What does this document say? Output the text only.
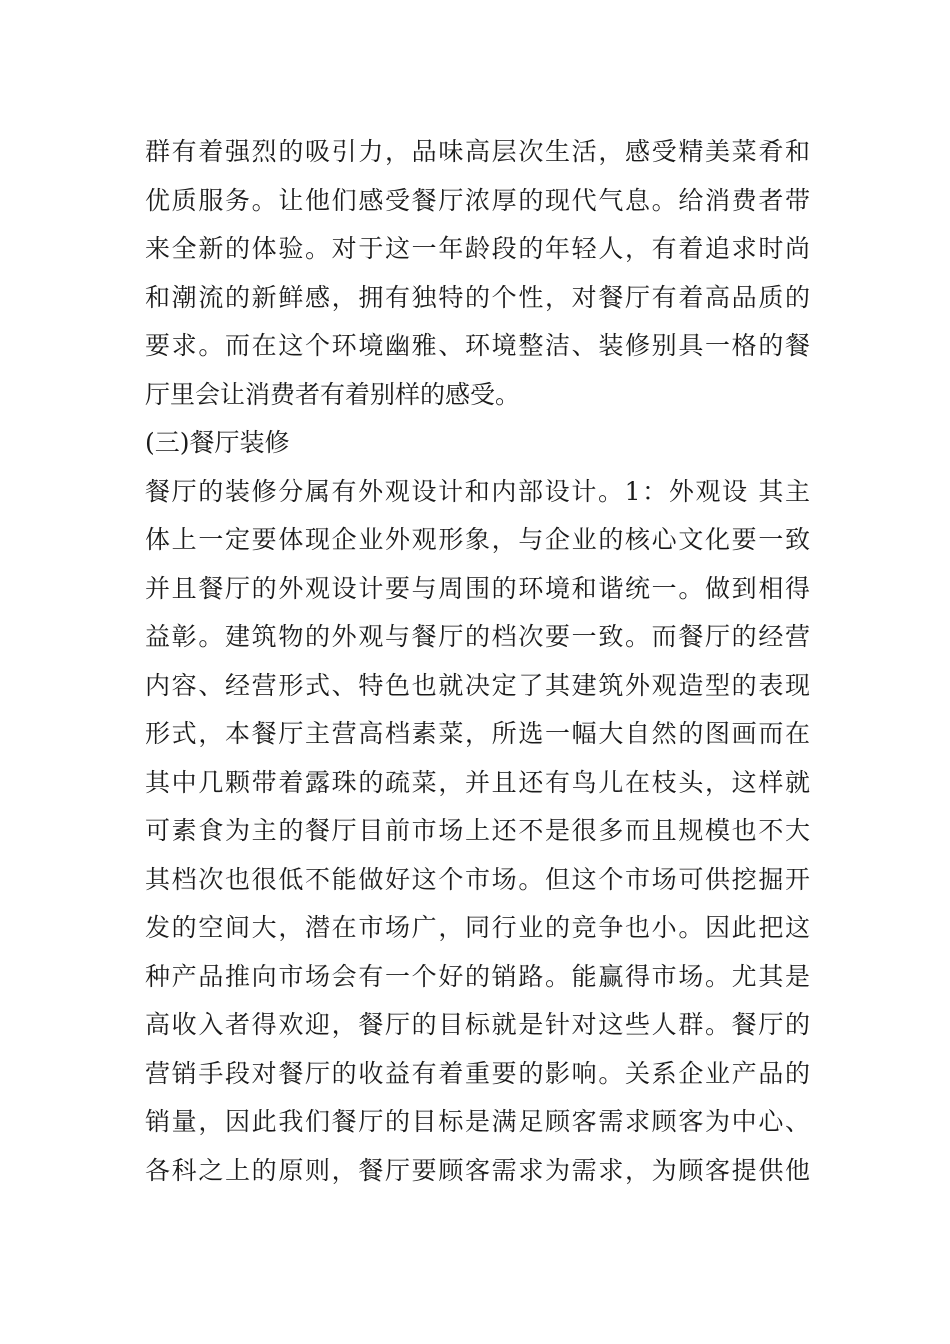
群有着强烈的吸引力，品味高层次生活，感受精美菜肴和
优质服务。让他们感受餐厅浓厚的现代气息。给消费者带
来全新的体验。对于这一年龄段的年轻人，有着追求时尚
和潮流的新鲜感，拥有独特的个性，对餐厅有着高品质的
要求。而在这个环境幽雅、环境整洁、装修别具一格的餐
厅里会让消费者有着别样的感受。
(三)餐厅装修
餐厅的装修分属有外观设计和内部设计。1：外观设 其主
体上一定要体现企业外观形象，与企业的核心文化要一致
并且餐厅的外观设计要与周围的环境和谐统一。做到相得
益彰。建筑物的外观与餐厅的档次要一致。而餐厅的经营
内容、经营形式、特色也就决定了其建筑外观造型的表现
形式，本餐厅主营高档素菜，所选一幅大自然的图画而在
其中几颗带着露珠的疏菜，并且还有鸟儿在枝头，这样就
可素食为主的餐厅目前市场上还不是很多而且规模也不大
其档次也很低不能做好这个市场。但这个市场可供挖掘开
发的空间大，潜在市场广，同行业的竞争也小。因此把这
种产品推向市场会有一个好的销路。能赢得市场。尤其是
高收入者得欢迎，餐厅的目标就是针对这些人群。餐厅的
营销手段对餐厅的收益有着重要的影响。关系企业产品的
销量，因此我们餐厅的目标是满足顾客需求顾客为中心、
各科之上的原则，餐厅要顾客需求为需求，为顾客提供他
